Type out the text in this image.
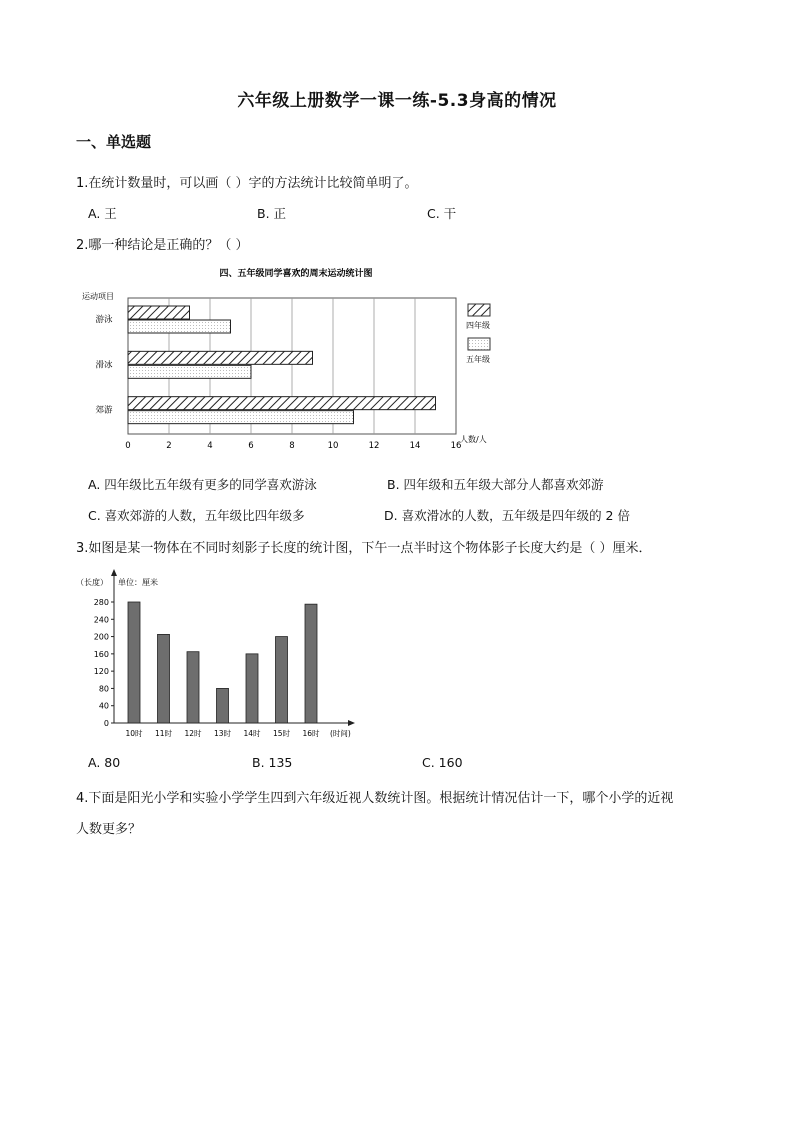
六年级上册数学一课一练-5.3身高的情况
一、单选题
1.在统计数量时，可以画（ ）字的方法统计比较简单明了。
A. 王	B. 正	C. 干
2.哪一种结论是正确的？（ ）
四、五年级同学喜欢的周末运动统计图
运动项目
游泳
滑冰
郊游
0	2	4	6	8	10	12	14	16
人数/人
四年级
五年级
A. 四年级比五年级有更多的同学喜欢游泳	B. 四年级和五年级大部分人都喜欢郊游
C. 喜欢郊游的人数，五年级比四年级多	D. 喜欢滑冰的人数，五年级是四年级的 2 倍
3.如图是某一物体在不同时刻影子长度的统计图，下午一点半时这个物体影子长度大约是（ ）厘米．
（长度） 单位：厘米
0
40
80
120
160
200
240
280
10时 11时 12时 13时 14时 15时 16时 (时间)
A. 80	B. 135	C. 160
4.下面是阳光小学和实验小学学生四到六年级近视人数统计图。根据统计情况估计一下，哪个小学的近视
人数更多？
